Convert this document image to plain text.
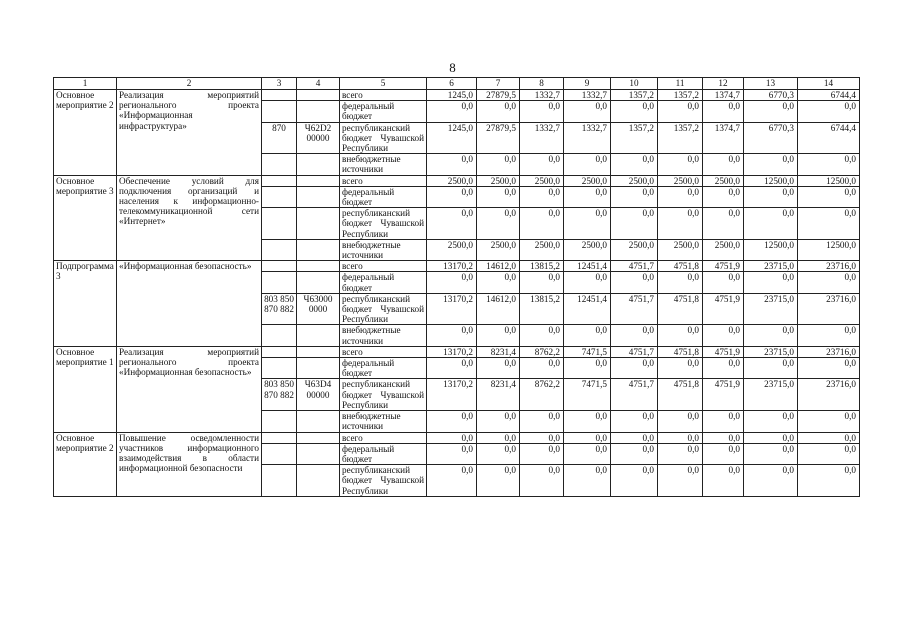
8
1	2	3	4	5	6	7	8	9	10	11	12	13	14
Основное мероприятие 2	Реализация мероприятий регионального проекта «Информационная инфраструктура»			всего	1245,0	27879,5	1332,7	1332,7	1357,2	1357,2	1374,7	6770,3	6744,4
				федеральный бюджет	0,0	0,0	0,0	0,0	0,0	0,0	0,0	0,0	0,0
		870	Ч62D2 00000	республиканский бюджет Чувашской Республики	1245,0	27879,5	1332,7	1332,7	1357,2	1357,2	1374,7	6770,3	6744,4
				внебюджетные источники	0,0	0,0	0,0	0,0	0,0	0,0	0,0	0,0	0,0
Основное мероприятие 3	Обеспечение условий для подключения организаций и населения к информационно-телекоммуникационной сети «Интернет»			всего	2500,0	2500,0	2500,0	2500,0	2500,0	2500,0	2500,0	12500,0	12500,0
				федеральный бюджет	0,0	0,0	0,0	0,0	0,0	0,0	0,0	0,0	0,0
				республиканский бюджет Чувашской Республики	0,0	0,0	0,0	0,0	0,0	0,0	0,0	0,0	0,0
				внебюджетные источники	2500,0	2500,0	2500,0	2500,0	2500,0	2500,0	2500,0	12500,0	12500,0
Подпрограмма 3	«Информационная безопасность»			всего	13170,2	14612,0	13815,2	12451,4	4751,7	4751,8	4751,9	23715,0	23716,0
				федеральный бюджет	0,0	0,0	0,0	0,0	0,0	0,0	0,0	0,0	0,0
		803 850 870 882	Ч63000 0000	республиканский бюджет Чувашской Республики	13170,2	14612,0	13815,2	12451,4	4751,7	4751,8	4751,9	23715,0	23716,0
				внебюджетные источники	0,0	0,0	0,0	0,0	0,0	0,0	0,0	0,0	0,0
Основное мероприятие 1	Реализация мероприятий регионального проекта «Информационная безопасность»			всего	13170,2	8231,4	8762,2	7471,5	4751,7	4751,8	4751,9	23715,0	23716,0
				федеральный бюджет	0,0	0,0	0,0	0,0	0,0	0,0	0,0	0,0	0,0
		803 850 870 882	Ч63D4 00000	республиканский бюджет Чувашской Республики	13170,2	8231,4	8762,2	7471,5	4751,7	4751,8	4751,9	23715,0	23716,0
				внебюджетные источники	0,0	0,0	0,0	0,0	0,0	0,0	0,0	0,0	0,0
Основное мероприятие 2	Повышение осведомленности участников информационного взаимодействия в области информационной безопасности			всего	0,0	0,0	0,0	0,0	0,0	0,0	0,0	0,0	0,0
				федеральный бюджет	0,0	0,0	0,0	0,0	0,0	0,0	0,0	0,0	0,0
				республиканский бюджет Чувашской Республики	0,0	0,0	0,0	0,0	0,0	0,0	0,0	0,0	0,0
